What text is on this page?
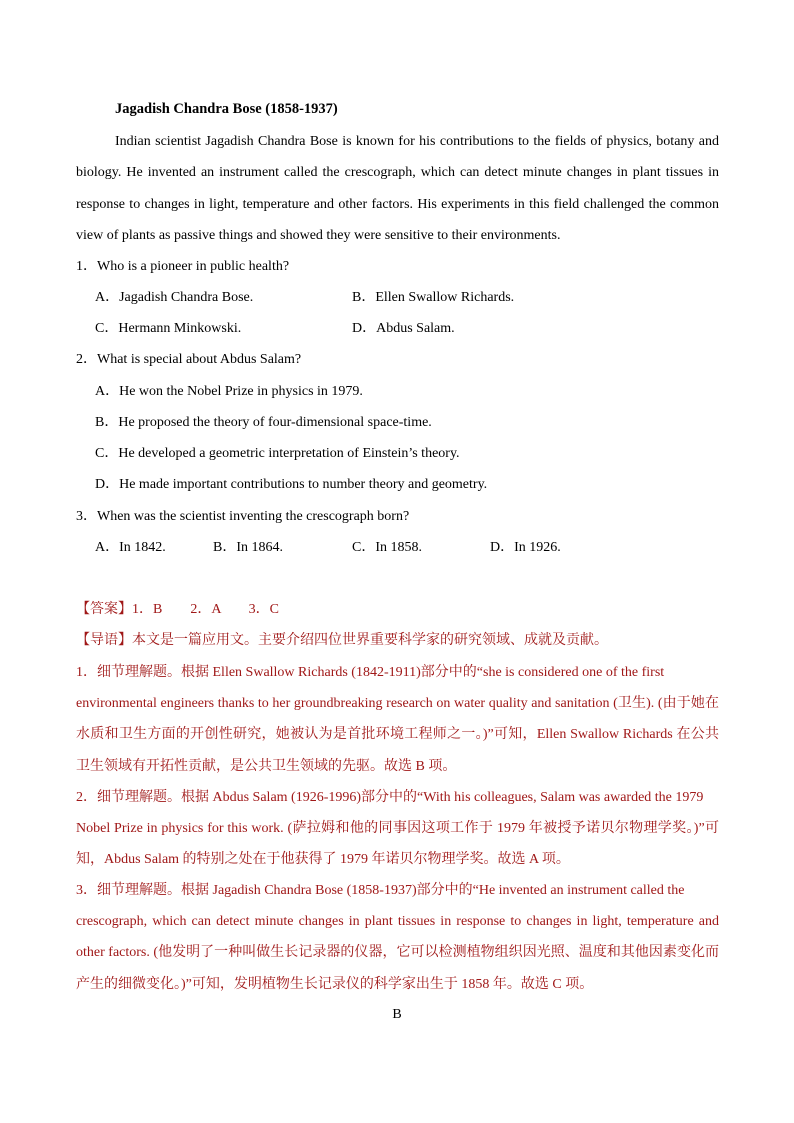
Jagadish Chandra Bose (1858-1937)
Indian scientist Jagadish Chandra Bose is known for his contributions to the fields of physics, botany and
biology. He invented an instrument called the crescograph, which can detect minute changes in plant tissues in
response to changes in light, temperature and other factors. His experiments in this field challenged the common
view of plants as passive things and showed they were sensitive to their environments.
1．Who is a pioneer in public health?
A．Jagadish Chandra Bose.	B．Ellen Swallow Richards.
C．Hermann Minkowski.	D．Abdus Salam.
2．What is special about Abdus Salam?
A．He won the Nobel Prize in physics in 1979.
B．He proposed the theory of four-dimensional space-time.
C．He developed a geometric interpretation of Einstein’s theory.
D．He made important contributions to number theory and geometry.
3．When was the scientist inventing the crescograph born?
A．In 1842.	B．In 1864.	C．In 1858.	D．In 1926.
【答案】1．B　　2．A　　3．C
【导语】本文是一篇应用文。主要介绍四位世界重要科学家的研究领域、成就及贡献。
1．细节理解题。根据 Ellen Swallow Richards (1842-1911)部分中的“she is considered one of the first
environmental engineers thanks to her groundbreaking research on water quality and sanitation (卫生). (由于她在
水质和卫生方面的开创性研究，她被认为是首批环境工程师之一。)”可知，Ellen Swallow Richards 在公共
卫生领域有开拓性贡献，是公共卫生领域的先驱。故选 B 项。
2．细节理解题。根据 Abdus Salam (1926-1996)部分中的“With his colleagues, Salam was awarded the 1979
Nobel Prize in physics for this work. (萨拉姆和他的同事因这项工作于 1979 年被授予诺贝尔物理学奖。)”可
知，Abdus Salam 的特别之处在于他获得了 1979 年诺贝尔物理学奖。故选 A 项。
3．细节理解题。根据 Jagadish Chandra Bose (1858-1937)部分中的“He invented an instrument called the
crescograph, which can detect minute changes in plant tissues in response to changes in light, temperature and
other factors. (他发明了一种叫做生长记录器的仪器，它可以检测植物组织因光照、温度和其他因素变化而
产生的细微变化。)”可知，发明植物生长记录仪的科学家出生于 1858 年。故选 C 项。
B
